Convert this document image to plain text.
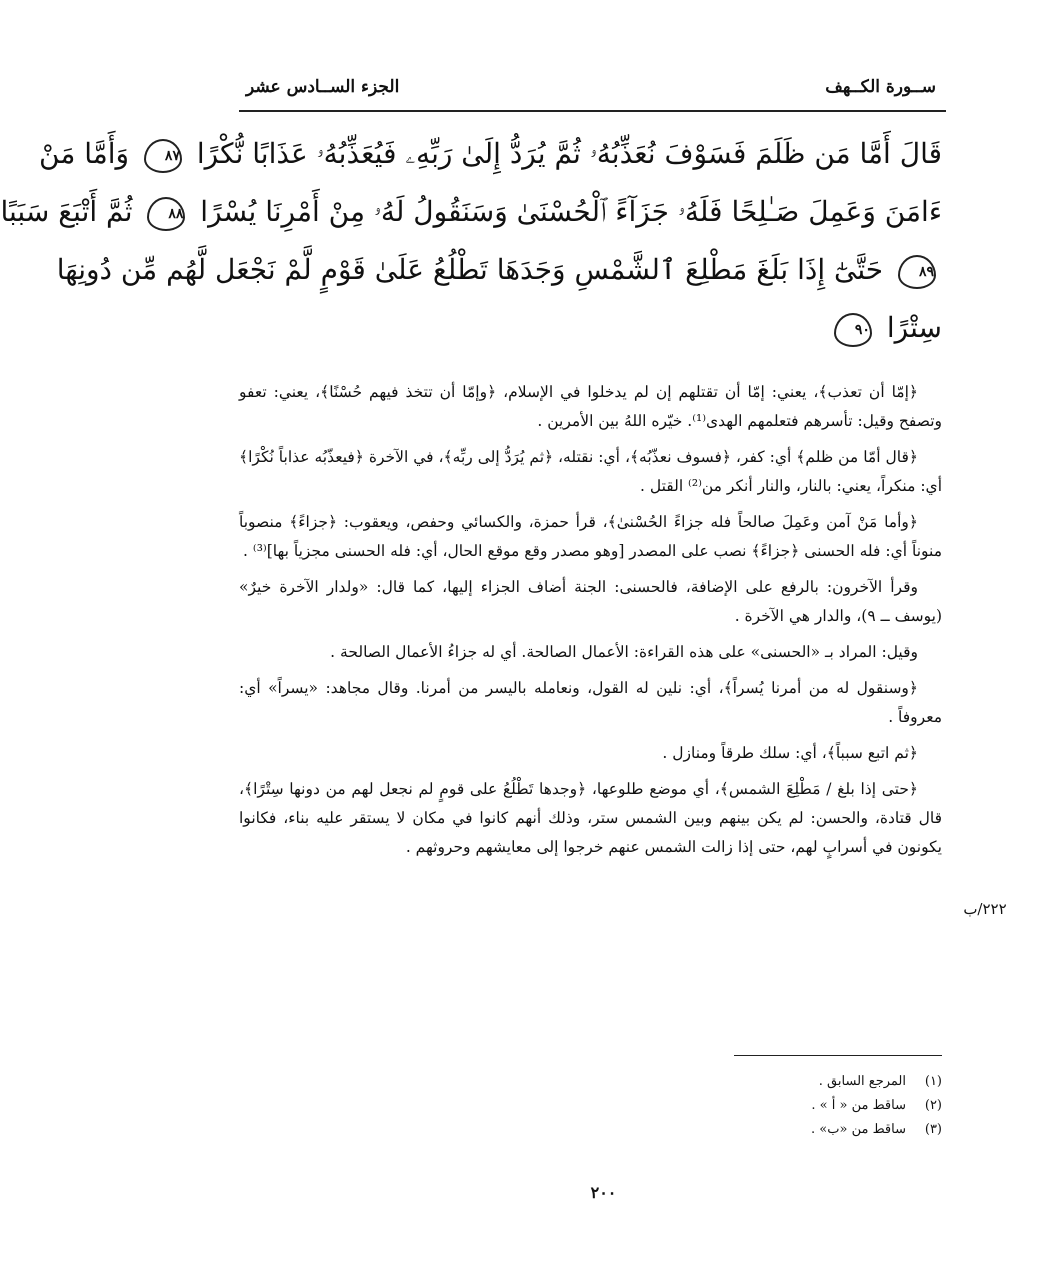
ســورة الكــهف
الجزء الســادس عشر
قَالَ أَمَّا مَن ظَلَمَ فَسَوْفَ نُعَذِّبُهُۥ ثُمَّ يُرَدُّ إِلَىٰ رَبِّهِۦ فَيُعَذِّبُهُۥ عَذَابًا نُّكْرًا ٨٧ وَأَمَّا مَنْ
ءَامَنَ وَعَمِلَ صَـٰلِحًا فَلَهُۥ جَزَآءً ٱلْحُسْنَىٰ وَسَنَقُولُ لَهُۥ مِنْ أَمْرِنَا يُسْرًا ٨٨ ثُمَّ أَتْبَعَ سَبَبًا
٨٩ حَتَّىٰٓ إِذَا بَلَغَ مَطْلِعَ ٱلشَّمْسِ وَجَدَهَا تَطْلُعُ عَلَىٰ قَوْمٍ لَّمْ نَجْعَل لَّهُم مِّن دُونِهَا
سِتْرًا ٩٠

﴿إمّا أن تعذب﴾، يعني: إمّا أن تقتلهم إن لم يدخلوا في الإسلام، ﴿وإمّا أن تتخذ فيهم حُسْنًا﴾، يعني: تعفو وتصفح وقيل: تأسرهم فتعلمهم الهدى⁽¹⁾. خيّره اللهُ بين الأمرين .

﴿قال أمّا من ظلم﴾ أي: كفر، ﴿فسوف نعذّبُه﴾، أي: نقتله، ﴿ثم يُرَدُّ إلى ربِّه﴾، في الآخرة ﴿فيعذّبُه عذاباً نُكْرًا﴾ أي: منكراً، يعني: بالنار، والنار أنكر من⁽²⁾ القتل .

﴿وأما مَنْ آمن وعَمِلَ صالحاً فله جزاءً الحُسْنىٰ﴾، قرأ حمزة، والكسائي وحفص، ويعقوب: ﴿جزاءً﴾ منصوباً منوناً أي: فله الحسنى ﴿جزاءً﴾ نصب على المصدر [وهو مصدر وقع موقع الحال، أي: فله الحسنى مجزياً بها]⁽³⁾ .

وقرأ الآخرون: بالرفع على الإضافة، فالحسنى: الجنة أضاف الجزاء إليها، كما قال: «ولدار الآخرة خيرٌ» (يوسف ــ ٩)، والدار هي الآخرة .

وقيل: المراد بـ «الحسنى» على هذه القراءة: الأعمال الصالحة. أي له جزاءُ الأعمال الصالحة .

﴿وسنقول له من أمرنا يُسراً﴾، أي: نلين له القول، ونعامله باليسر من أمرنا. وقال مجاهد: «يسراً» أي: معروفاً .

﴿ثم اتبع سبباً﴾، أي: سلك طرقاً ومنازل .

﴿حتى إذا بلغ / مَطْلِعَ الشمس﴾، أي موضع طلوعها، ﴿وجدها تَطْلُعُ على قومٍ لم نجعل لهم من دونها سِتْرًا﴾، قال قتادة، والحسن: لم يكن بينهم وبين الشمس ستر، وذلك أنهم كانوا في مكان لا يستقر عليه بناء، فكانوا يكونون في أسرابٍ لهم، حتى إذا زالت الشمس عنهم خرجوا إلى معايشهم وحروثهم .

٢٢٢/ب
(١)
المرجع السابق .
(٢)
ساقط من « أ » .
(٣)
ساقط من «ب» .
٢٠٠
